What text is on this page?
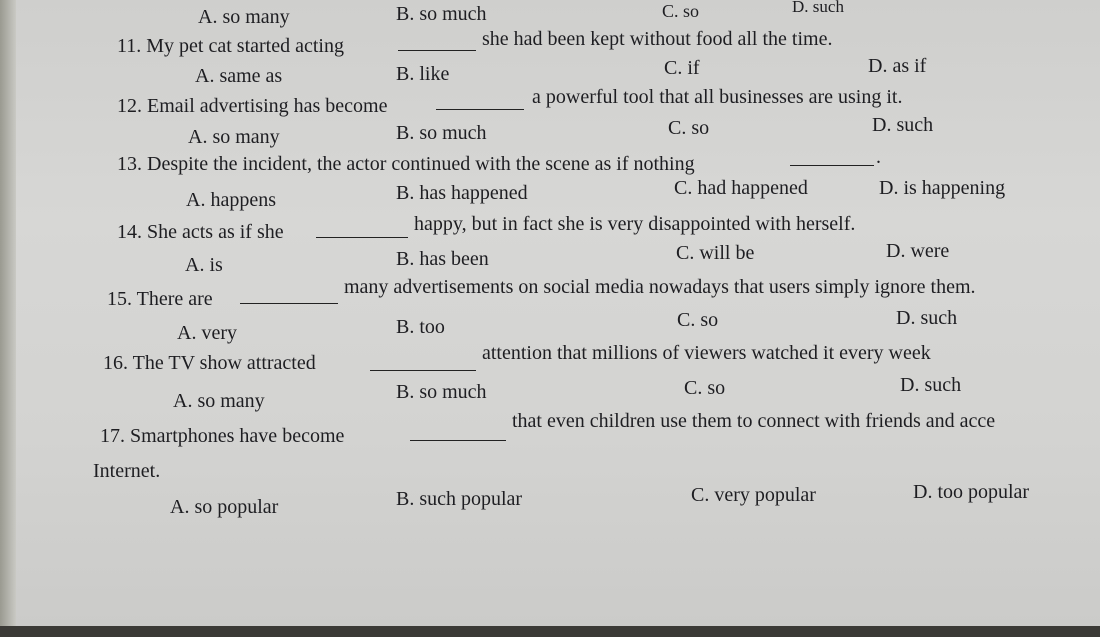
A. so many	B. so much	C. so	D. such
11. My pet cat started acting	she had been kept without food all the time.
A. same as	B. like	C. if	D. as if
12. Email advertising has become	a powerful tool that all businesses are using it.
A. so many	B. so much	C. so	D. such
13. Despite the incident, the actor continued with the scene as if nothing	.
A. happens	B. has happened	C. had happened	D. is happening
14. She acts as if she	happy, but in fact she is very disappointed with herself.
A. is	B. has been	C. will be	D. were
15. There are
many advertisements on social media nowadays that users simply ignore them.
A. very	B. too	C. so	D. such
16. The TV show attracted	attention that millions of viewers watched it every week
A. so many	B. so much	C. so	D. such
17. Smartphones have become
that even children use them to connect with friends and acce
Internet.
A. so popular	B. such popular	C. very popular	D. too popular
